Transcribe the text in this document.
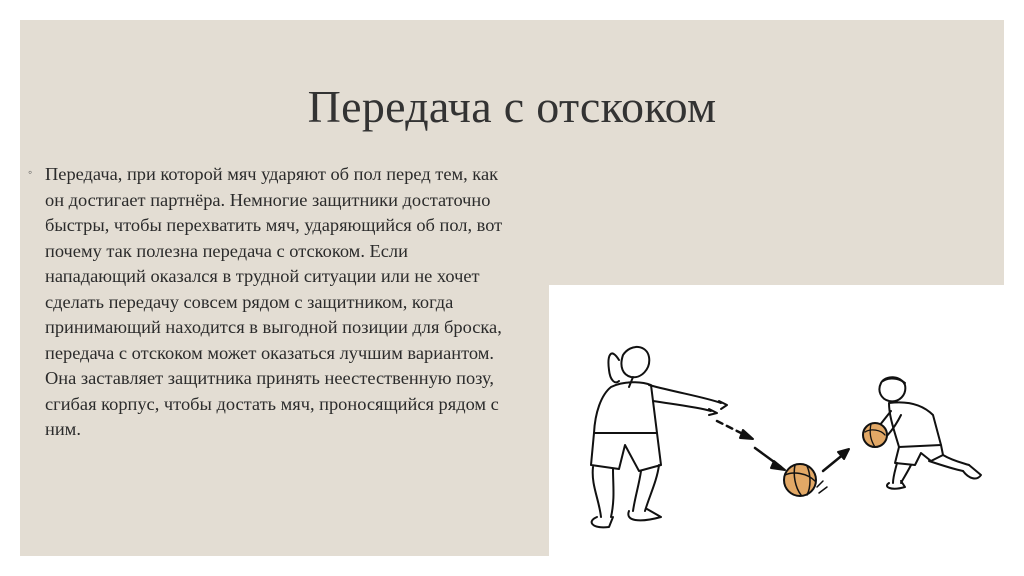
Передача с отскоком
◦ Передача, при которой мяч ударяют об пол перед тем, как он достигает партнёра. Немногие защитники достаточно быстры, чтобы перехватить мяч, ударяющийся об пол, вот почему так полезна передача с отскоком. Если нападающий оказался в трудной ситуации или не хочет сделать передачу совсем рядом с защитником, когда принимающий находится в выгодной позиции для броска, передача с отскоком может оказаться лучшим вариантом. Она заставляет защитника принять неестественную позу, сгибая корпус, чтобы достать мяч, проносящийся рядом с ним.
